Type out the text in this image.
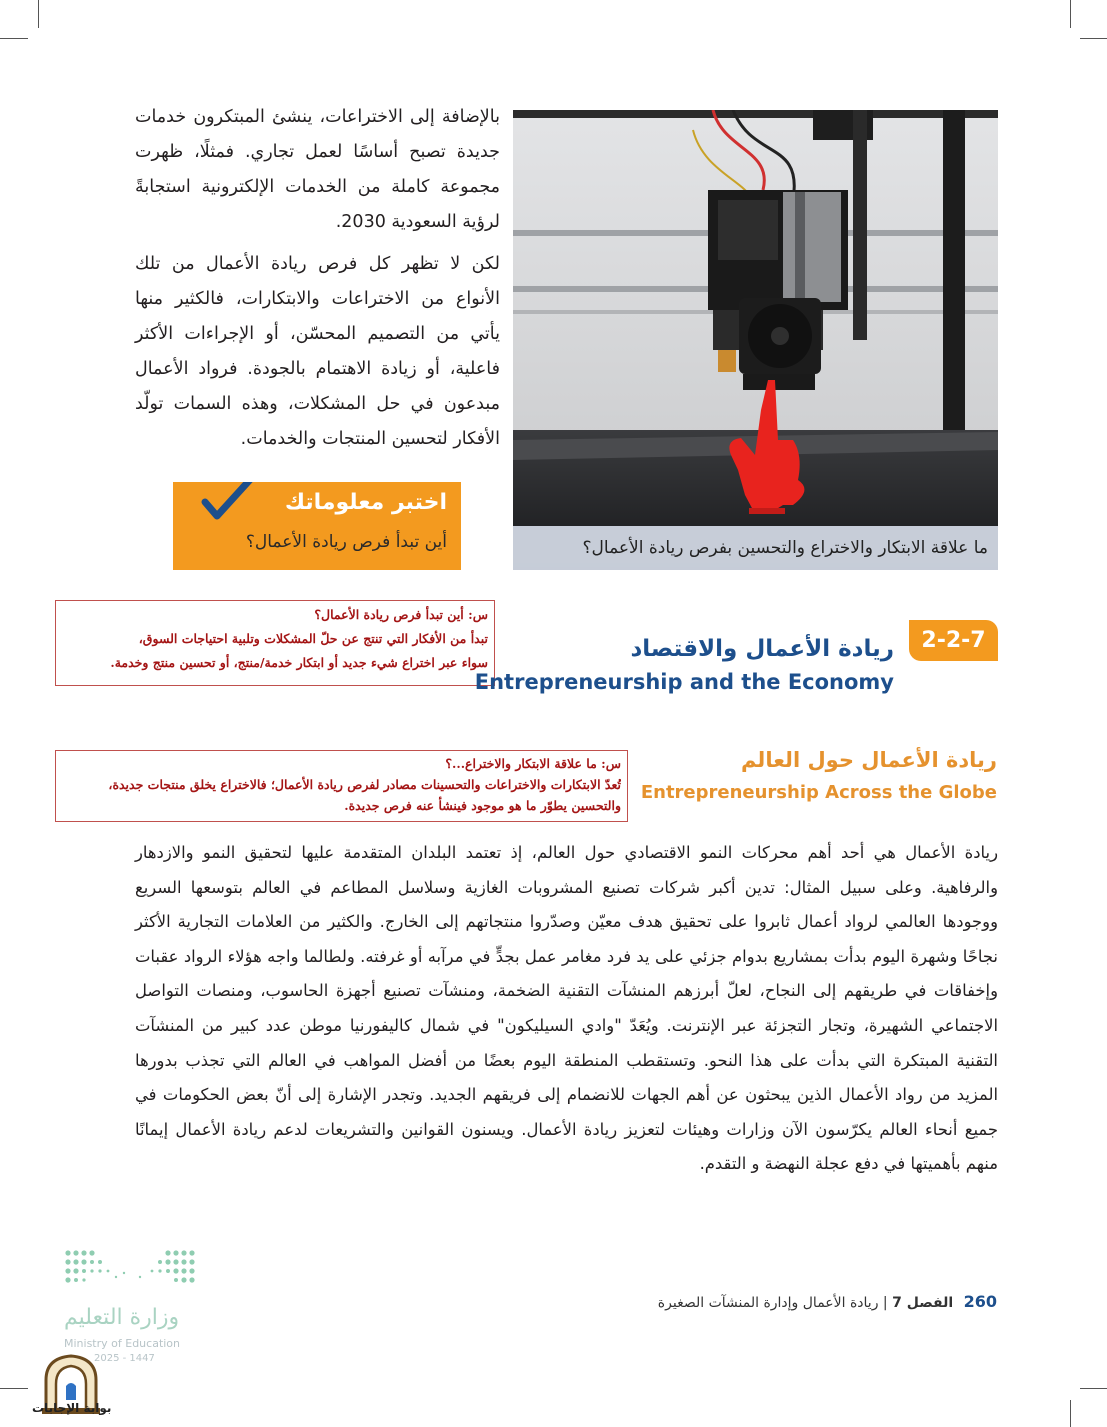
بالإضافة إلى الاختراعات، ينشئ المبتكرون خدمات جديدة تصبح أساسًا لعمل تجاري. فمثلًا، ظهرت مجموعة كاملة من الخدمات الإلكترونية استجابةً لرؤية السعودية 2030.

لكن لا تظهر كل فرص ريادة الأعمال من تلك الأنواع من الاختراعات والابتكارات، فالكثير منها يأتي من التصميم المحسّن، أو الإجراءات الأكثر فاعلية، أو زيادة الاهتمام بالجودة. فرواد الأعمال مبدعون في حل المشكلات، وهذه السمات تولّد الأفكار لتحسين المنتجات والخدمات.

ما علاقة الابتكار والاختراع والتحسين بفرص ريادة الأعمال؟
اختبر معلوماتك
أين تبدأ فرص ريادة الأعمال؟
س: أين تبدأ فرص ريادة الأعمال؟
تبدأ من الأفكار التي تنتج عن حلّ المشكلات وتلبية احتياجات السوق،
سواء عبر اختراع شيء جديد أو ابتكار خدمة/منتج، أو تحسين منتج وخدمة.
2-2-7
ريادة الأعمال والاقتصاد
Entrepreneurship and the Economy
س: ما علاقة الابتكار والاختراع...؟
تُعدّ الابتكارات والاختراعات والتحسينات مصادر لفرص ريادة الأعمال؛ فالاختراع يخلق منتجات جديدة،
والتحسين يطوّر ما هو موجود فينشأ عنه فرص جديدة.
ريادة الأعمال حول العالم
Entrepreneurship Across the Globe

ريادة الأعمال هي أحد أهم محركات النمو الاقتصادي حول العالم، إذ تعتمد البلدان المتقدمة عليها لتحقيق النمو والازدهار والرفاهية. وعلى سبيل المثال: تدين أكبر شركات تصنيع المشروبات الغازية وسلاسل المطاعم في العالم بتوسعها السريع ووجودها العالمي لرواد أعمال ثابروا على تحقيق هدف معيّن وصدّروا منتجاتهم إلى الخارج. والكثير من العلامات التجارية الأكثر نجاحًا وشهرة اليوم بدأت بمشاريع بدوام جزئي على يد فرد مغامر عمل بجدٍّ في مرآبه أو غرفته. ولطالما واجه هؤلاء الرواد عقبات وإخفاقات في طريقهم إلى النجاح، لعلّ أبرزهم المنشآت التقنية الضخمة، ومنشآت تصنيع أجهزة الحاسوب، ومنصات التواصل الاجتماعي الشهيرة، وتجار التجزئة عبر الإنترنت. ويُعَدّ "وادي السيليكون" في شمال كاليفورنيا موطن عدد كبير من المنشآت التقنية المبتكرة التي بدأت على هذا النحو. وتستقطب المنطقة اليوم بعضًا من أفضل المواهب في العالم التي تجذب بدورها المزيد من رواد الأعمال الذين يبحثون عن أهم الجهات للانضمام إلى فريقهم الجديد. وتجدر الإشارة إلى أنّ بعض الحكومات في جميع أنحاء العالم يكرّسون الآن وزارات وهيئات لتعزيز ريادة الأعمال. ويسنون القوانين والتشريعات لدعم ريادة الأعمال إيمانًا منهم بأهميتها في دفع عجلة النهضة و التقدم.

260 الفصل 7 | ريادة الأعمال وإدارة المنشآت الصغيرة
وزارة التعليم
Ministry of Education
2025 - 1447
بوابة الإجابات
